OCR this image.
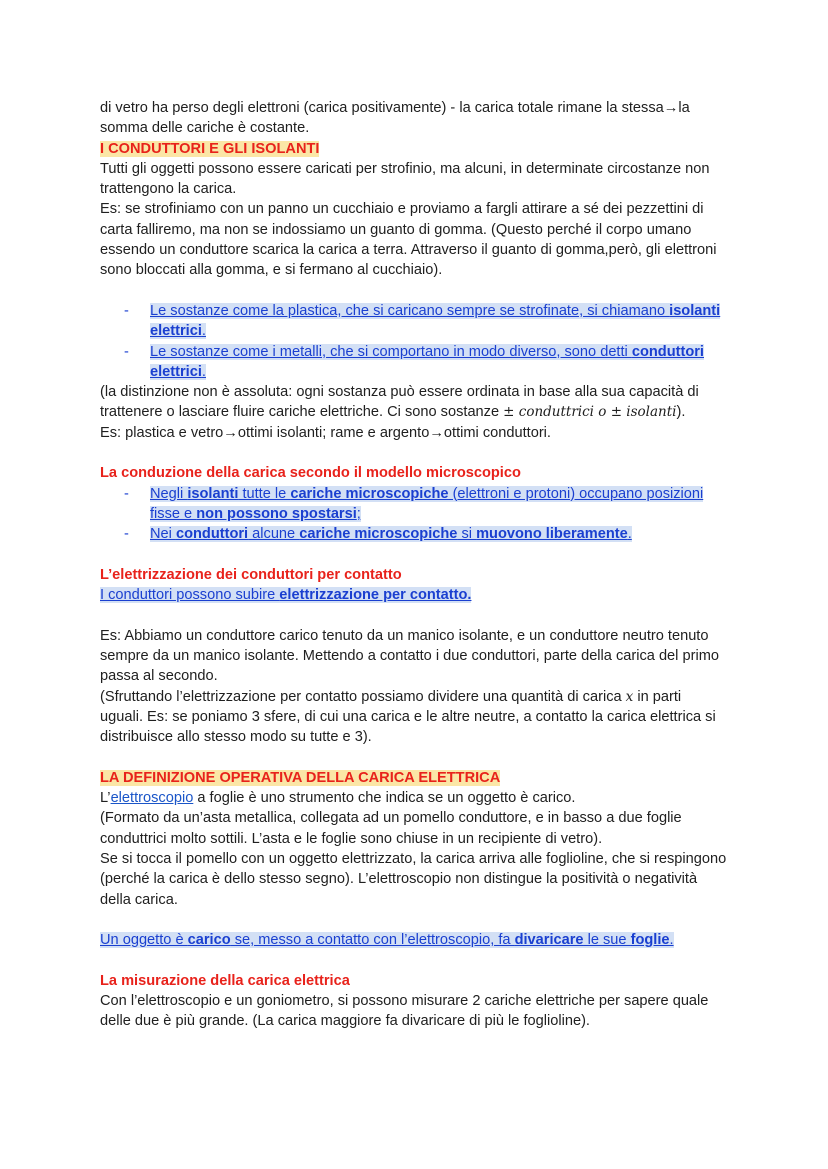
di vetro ha perso degli elettroni (carica positivamente) - la carica totale rimane la stessa→la somma delle cariche è costante.

I CONDUTTORI E GLI ISOLANTI

Tutti gli oggetti possono essere caricati per strofinio, ma alcuni, in determinate circostanze non trattengono la carica.

Es: se strofiniamo con un panno un cucchiaio e proviamo a fargli attirare a sé dei pezzettini di carta falliremo, ma non se indossiamo un guanto di gomma. (Questo perché il corpo umano essendo un conduttore scarica la carica a terra. Attraverso il guanto di gomma,però, gli elettroni sono bloccati alla gomma, e si fermano al cucchiaio).

- Le sostanze come la plastica, che si caricano sempre se strofinate, si chiamano isolanti elettrici.
- Le sostanze come i metalli, che si comportano in modo diverso, sono detti conduttori elettrici.

(la distinzione non è assoluta: ogni sostanza può essere ordinata in base alla sua capacità di trattenere o lasciare fluire cariche elettriche. Ci sono sostanze ± conduttrici o ± isolanti).

Es: plastica e vetro→ottimi isolanti; rame e argento→ottimi conduttori.

La conduzione della carica secondo il modello microscopico

- Negli isolanti tutte le cariche microscopiche (elettroni e protoni) occupano posizioni fisse e non possono spostarsi;
- Nei conduttori alcune cariche microscopiche si muovono liberamente.

L’elettrizzazione dei conduttori per contatto

I conduttori possono subire elettrizzazione per contatto.

Es: Abbiamo un conduttore carico tenuto da un manico isolante, e un conduttore neutro tenuto sempre da un manico isolante. Mettendo a contatto i due conduttori, parte della carica del primo passa al secondo.

(Sfruttando l’elettrizzazione per contatto possiamo dividere una quantità di carica x in parti uguali. Es: se poniamo 3 sfere, di cui una carica e le altre neutre, a contatto la carica elettrica si distribuisce allo stesso modo su tutte e 3).

LA DEFINIZIONE OPERATIVA DELLA CARICA ELETTRICA

L’elettroscopio a foglie è uno strumento che indica se un oggetto è carico.

(Formato da un’asta metallica, collegata ad un pomello conduttore, e in basso a due foglie conduttrici molto sottili. L’asta e le foglie sono chiuse in un recipiente di vetro).

Se si tocca il pomello con un oggetto elettrizzato, la carica arriva alle foglioline, che si respingono (perché la carica è dello stesso segno). L’elettroscopio non distingue la positività o negatività della carica.

Un oggetto è carico se, messo a contatto con l’elettroscopio, fa divaricare le sue foglie.

La misurazione della carica elettrica

Con l’elettroscopio e un goniometro, si possono misurare 2 cariche elettriche per sapere quale delle due è più grande. (La carica maggiore fa divaricare di più le foglioline).
